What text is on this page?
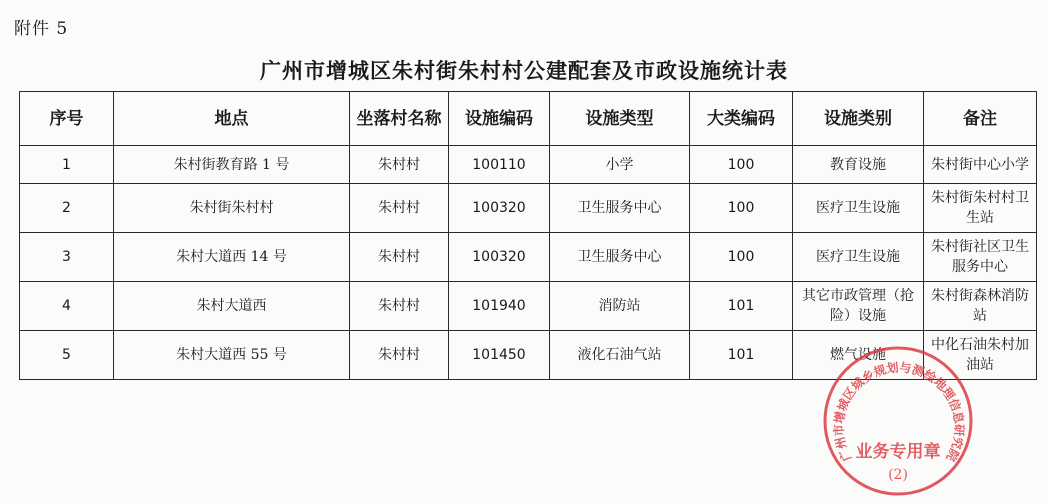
附件 5
广州市增城区朱村街朱村村公建配套及市政设施统计表
序号	地点	坐落村名称	设施编码	设施类型	大类编码	设施类别	备注
1	朱村街教育路 1 号	朱村村	100110	小学	100	教育设施	朱村街中心小学
2	朱村街朱村村	朱村村	100320	卫生服务中心	100	医疗卫生设施	朱村街朱村村卫生站
3	朱村大道西 14 号	朱村村	100320	卫生服务中心	100	医疗卫生设施	朱村街社区卫生服务中心
4	朱村大道西	朱村村	101940	消防站	101	其它市政管理（抢险）设施	朱村街森林消防站
5	朱村大道西 55 号	朱村村	101450	液化石油气站	101	燃气设施	中化石油朱村加油站
广州市增城区城乡规划与测绘地理信息研究院
业务专用章
(2)
